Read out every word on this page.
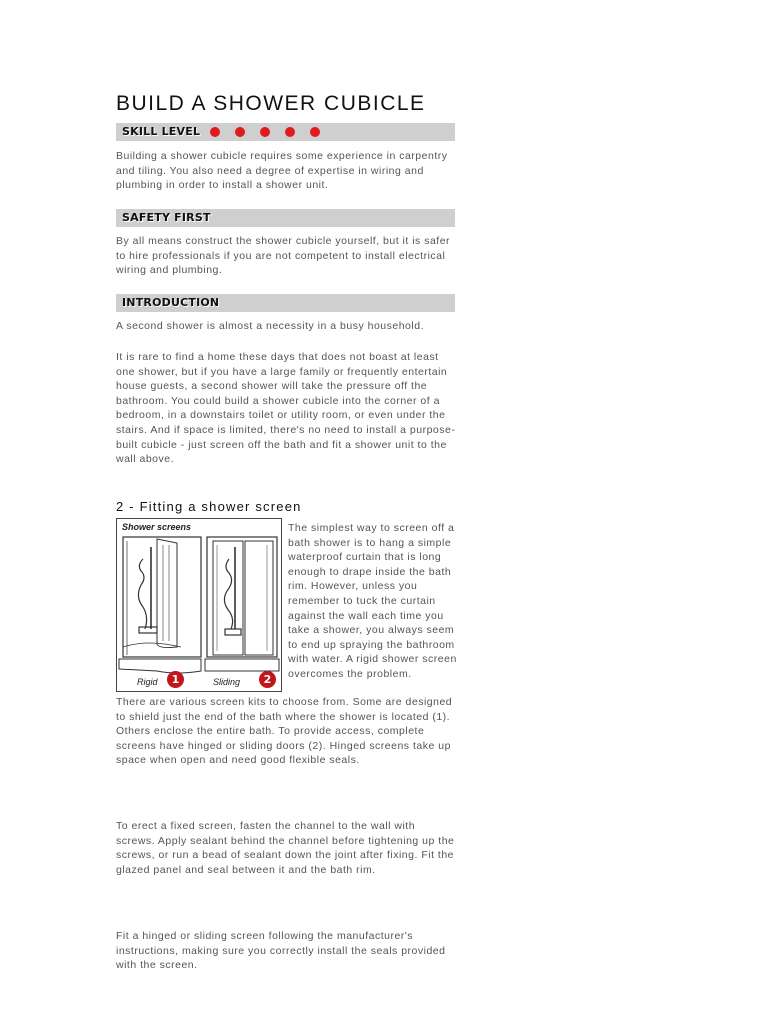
BUILD A SHOWER CUBICLE
SKILL LEVEL

Building a shower cubicle requires some experience in carpentry and tiling. You also need a degree of expertise in wiring and plumbing in order to install a shower unit.

SAFETY FIRST

By all means construct the shower cubicle yourself, but it is safer to hire professionals if you are not competent to install electrical wiring and plumbing.

INTRODUCTION

A second shower is almost a necessity in a busy household.

It is rare to find a home these days that does not boast at least one shower, but if you have a large family or frequently entertain house guests, a second shower will take the pressure off the bathroom. You could build a shower cubicle into the corner of a bedroom, in a downstairs toilet or utility room, or even under the stairs. And if space is limited, there's no need to install a purpose-built cubicle - just screen off the bath and fit a shower unit to the wall above.

2 - Fitting a shower screen
Shower screens
Rigid	1	Sliding	2

The simplest way to screen off a bath shower is to hang a simple waterproof curtain that is long enough to drape inside the bath rim. However, unless you remember to tuck the curtain against the wall each time you take a shower, you always seem to end up spraying the bathroom with water. A rigid shower screen overcomes the problem.

There are various screen kits to choose from. Some are designed to shield just the end of the bath where the shower is located (1). Others enclose the entire bath. To provide access, complete screens have hinged or sliding doors (2). Hinged screens take up space when open and need good flexible seals.

To erect a fixed screen, fasten the channel to the wall with screws. Apply sealant behind the channel before tightening up the screws, or run a bead of sealant down the joint after fixing. Fit the glazed panel and seal between it and the bath rim.

Fit a hinged or sliding screen following the manufacturer's instructions, making sure you correctly install the seals provided with the screen.
